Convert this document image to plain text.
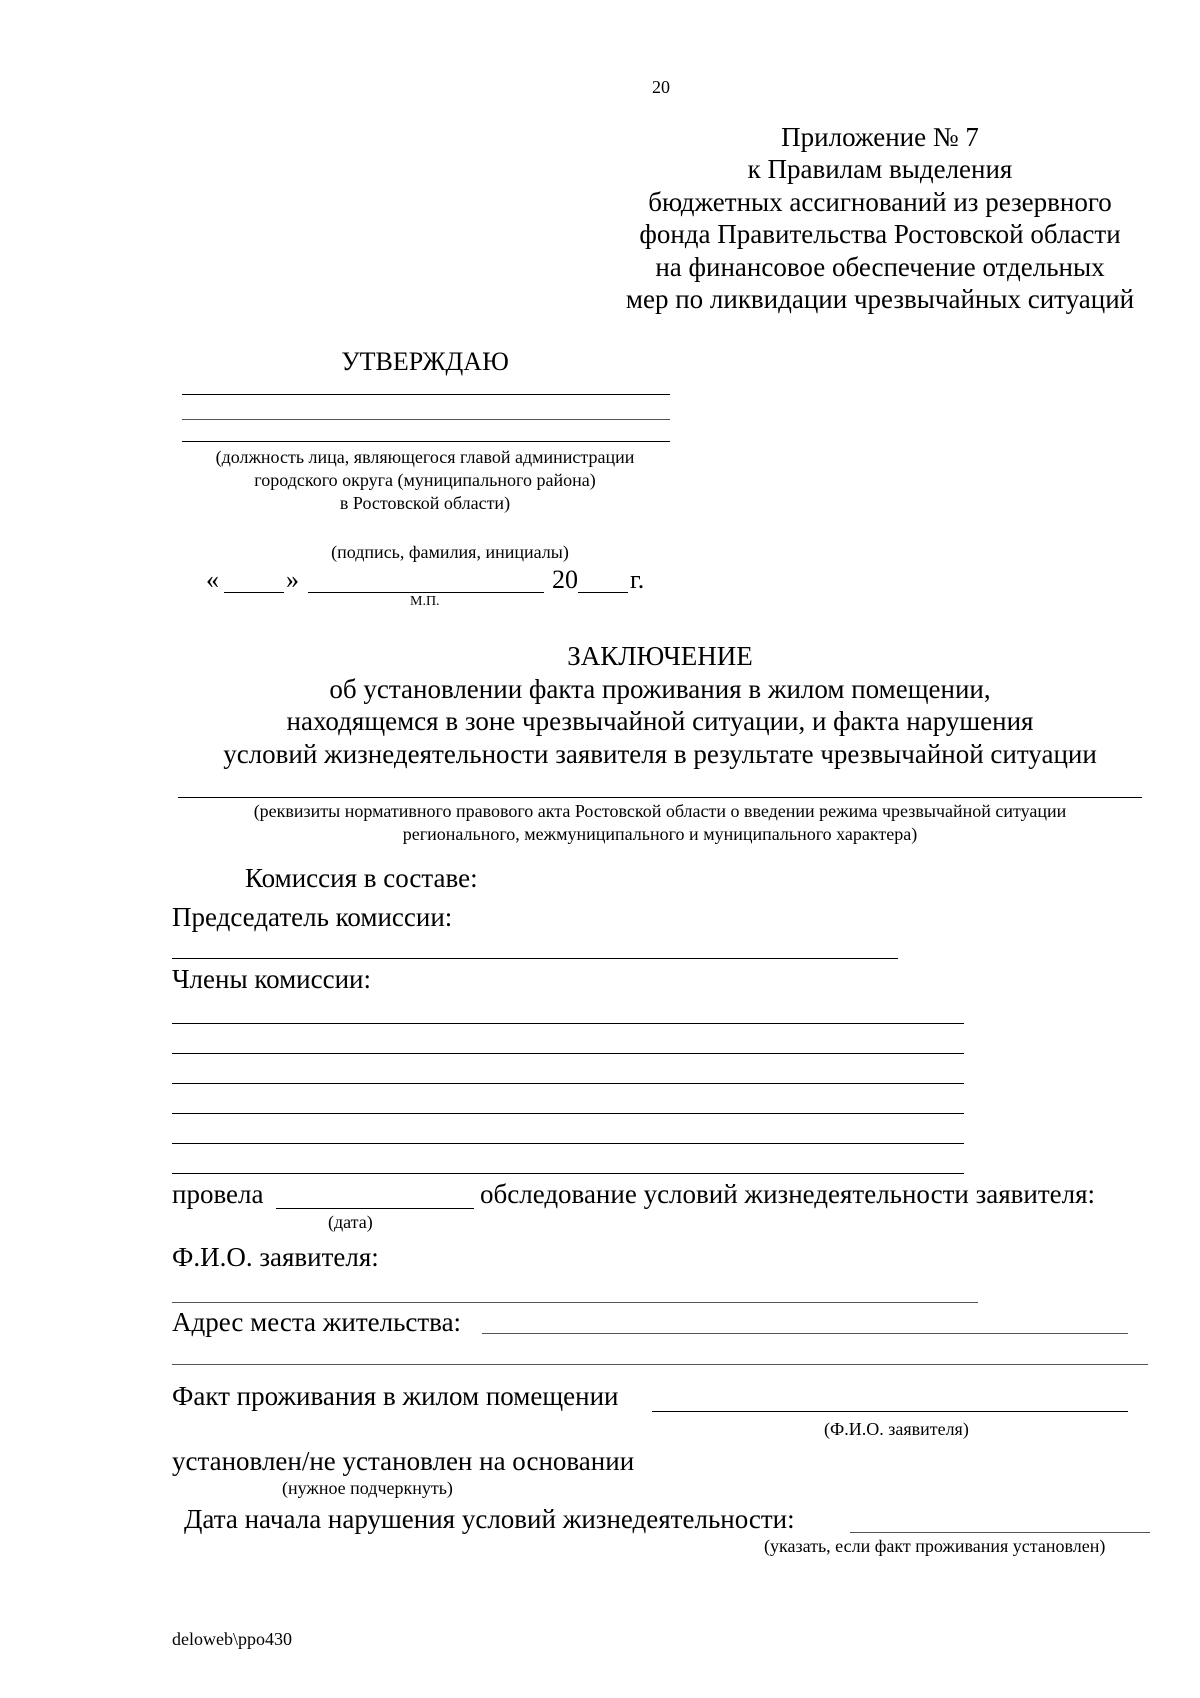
20
Приложение № 7
к Правилам выделения
бюджетных ассигнований из резервного
фонда Правительства Ростовской области
на финансовое обеспечение отдельных
мер по ликвидации чрезвычайных ситуаций
УТВЕРЖДАЮ
(должность лица, являющегося главой администрации
городского округа (муниципального района)
в Ростовской области)
(подпись, фамилия, инициалы)
«	»	20 г.
М.П.
ЗАКЛЮЧЕНИЕ
об установлении факта проживания в жилом помещении,
находящемся в зоне чрезвычайной ситуации, и факта нарушения
условий жизнедеятельности заявителя в результате чрезвычайной ситуации
(реквизиты нормативного правового акта Ростовской области о введении режима чрезвычайной ситуации
регионального, межмуниципального и муниципального характера)
Комиссия в составе:
Председатель комиссии:
Члены комиссии:
провела	обследование условий жизнедеятельности заявителя:
(дата)
Ф.И.О. заявителя:
Адрес места жительства:
Факт проживания в жилом помещении
(Ф.И.О. заявителя)
установлен/не установлен на основании
(нужное подчеркнуть)
Дата начала нарушения условий жизнедеятельности:
(указать, если факт проживания установлен)
deloweb\ppo430
